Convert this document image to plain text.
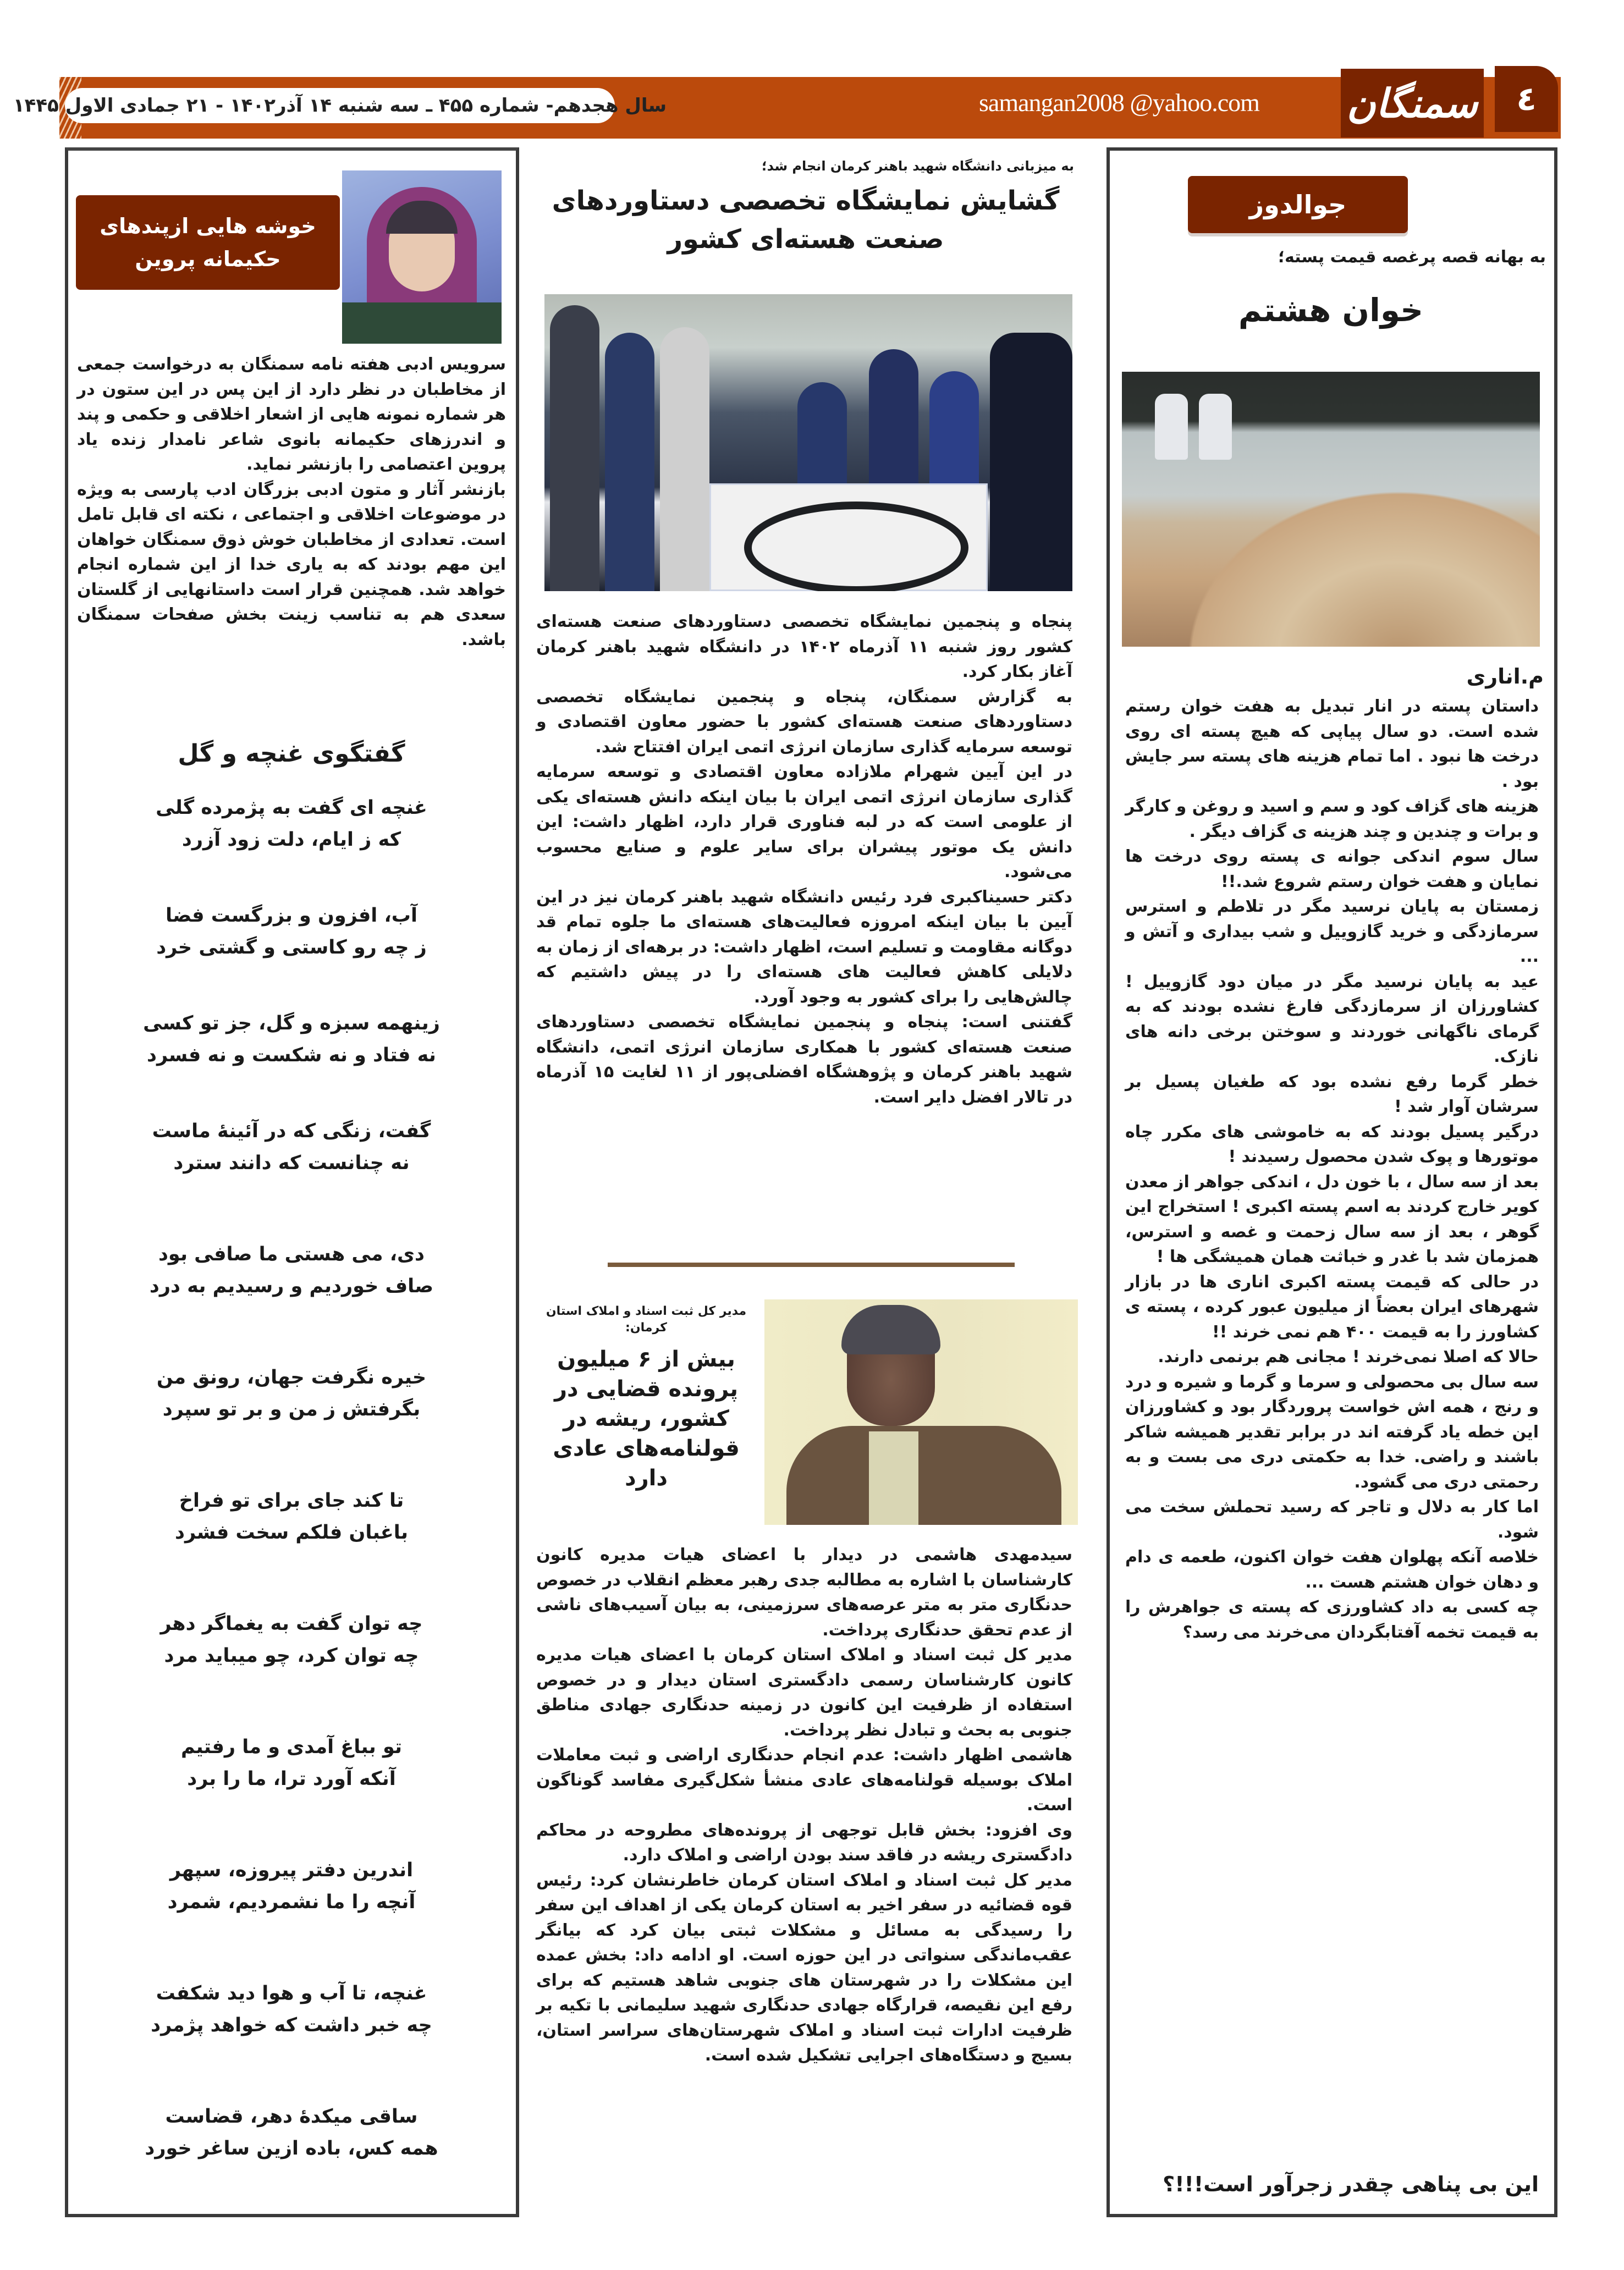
سال هجدهم- شماره ۴۵۵ ـ سه شنبه ۱۴ آذر۱۴۰۲ - ۲۱ جمادی الاول ۱۴۴۵	samangan2008 @yahoo.com سمنگان	٤
جوالدوز
به بهانه قصه پرغصه قیمت پسته؛
خوان هشتم
م.اناری

داستان پسته در انار تبدیل به هفت خوان رستم شده است. دو سال پیاپی که هیچ پسته ای روی درخت ها نبود . اما تمام هزینه های پسته سر جایش بود .

هزینه های گزاف کود و سم و اسید و روغن و کارگر و برات و چندین و چند هزینه ی گزاف دیگر .

سال سوم اندکی جوانه ی پسته روی درخت ها نمایان و هفت خوان رستم شروع شد.!!

زمستان به پایان نرسید مگر در تلاطم و استرس سرمازدگی و خرید گازوییل و شب بیداری و آتش و ...

عید به پایان نرسید مگر در میان دود گازوییل ! کشاورزان از سرمازدگی فارغ نشده بودند که به گرمای ناگهانی خوردند و سوختن برخی دانه های نازک.

خطر گرما رفع نشده بود که طغیان پسیل بر سرشان آوار شد !

درگیر پسیل بودند که به خاموشی های مکرر چاه موتورها و پوک شدن محصول رسیدند !

بعد از سه سال ، با خون دل ، اندکی جواهر از معدن کویر خارج کردند به اسم پسته اکبری ! استخراج این گوهر ، بعد از سه سال زحمت و غصه و استرس، همزمان شد با غدر و خباثت همان همیشگی ها !

در حالی که قیمت پسته اکبری اناری ها در بازار شهرهای ایران بعضاً از میلیون عبور کرده ، پسته ی کشاورز را به قیمت ۴۰۰ هم نمی خرند !!

حالا که اصلا نمی‌خرند ! مجانی هم برنمی دارند.

سه سال بی محصولی و سرما و گرما و شیره و درد و رنج ، همه اش خواست پروردگار بود و کشاورزان این خطه یاد گرفته اند در برابر تقدیر همیشه شاکر باشند و راضی. خدا به حکمتی دری می بست و به رحمتی دری می گشود.

اما کار به دلال و تاجر که رسید تحملش سخت می شود.

خلاصه آنکه پهلوان هفت خوان اکنون، طعمه ی دام و دهان خوان هشتم هست ...

چه کسی به داد کشاورزی که پسته ی جواهرش را به قیمت تخمه آفتابگردان می‌خرند می رسد؟

این بی پناهی چقدر زجرآور است!!!؟
به میزبانی دانشگاه شهید باهنر کرمان انجام شد؛
گشایش نمایشگاه تخصصی دستاوردهای صنعت هسته‌ای کشور

پنجاه و پنجمین نمایشگاه تخصصی دستاوردهای صنعت هسته‌ای کشور روز شنبه ۱۱ آذرماه ۱۴۰۲ در دانشگاه شهید باهنر کرمان آغاز بکار کرد.

به گزارش سمنگان، پنجاه و پنجمین نمایشگاه تخصصی دستاوردهای صنعت هسته‌ای کشور با حضور معاون اقتصادی و توسعه سرمایه گذاری سازمان انرژی اتمی ایران افتتاح شد.

در این آیین شهرام ملازاده معاون اقتصادی و توسعه سرمایه گذاری سازمان انرژی اتمی ایران با بیان اینکه دانش هسته‌ای یکی از علومی است که در لبه فناوری قرار دارد، اظهار داشت: این دانش یک موتور پیشران برای سایر علوم و صنایع محسوب می‌شود.

دکتر حسیناکبری فرد رئیس دانشگاه شهید باهنر کرمان نیز در این آیین با بیان اینکه امروزه فعالیت‌های هسته‌ای ما جلوه تمام قد دوگانه مقاومت و تسلیم است، اظهار داشت: در برهه‌ای از زمان به دلایلی کاهش فعالیت های هسته‌ای را در پیش داشتیم که چالش‌هایی را برای کشور به وجود آورد.

گفتنی است: پنجاه و پنجمین نمایشگاه تخصصی دستاوردهای صنعت هسته‌ای کشور با همکاری سازمان انرژی اتمی، دانشگاه شهید باهنر کرمان و پژوهشگاه افضلی‌پور از ۱۱ لغایت ۱۵ آذرماه در تالار افضل دایر است.

مدیر کل ثبت اسناد و املاک استان کرمان:
بیش از ۶ میلیون پرونده قضایی در کشور، ریشه در قولنامه‌های عادی دارد

سیدمهدی هاشمی در دیدار با اعضای هیات مدیره کانون کارشناسان با اشاره به مطالبه جدی رهبر معظم انقلاب در خصوص حدنگاری متر به متر عرصه‌های سرزمینی، به بیان آسیب‌های ناشی از عدم تحقق حدنگاری پرداخت.

مدیر کل ثبت اسناد و املاک استان کرمان با اعضای هیات مدیره کانون کارشناسان رسمی دادگستری استان دیدار و در خصوص استفاده از ظرفیت این کانون در زمینه حدنگاری جهادی مناطق جنوبی به بحث و تبادل نظر پرداخت.

هاشمی اظهار داشت: عدم انجام حدنگاری اراضی و ثبت معاملات املاک بوسیله قولنامه‌های عادی منشأ شکل‌گیری مفاسد گوناگون است.

وی افزود: بخش قابل توجهی از پرونده‌های مطروحه در محاکم دادگستری ریشه در فاقد سند بودن اراضی و املاک دارد.

مدیر کل ثبت اسناد و املاک استان کرمان خاطرنشان کرد: رئیس قوه قضائیه در سفر اخیر به استان کرمان یکی از اهداف این سفر را رسیدگی به مسائل و مشکلات ثبتی بیان کرد که بیانگر عقب‌ماندگی سنواتی در این حوزه است. او ادامه داد: بخش عمده این مشکلات را در شهرستان های جنوبی شاهد هستیم که برای رفع این نقیصه، قرارگاه جهادی حدنگاری شهید سلیمانی با تکیه بر ظرفیت ادارات ثبت اسناد و املاک شهرستان‌های سراسر استان، بسیج و دستگاه‌های اجرایی تشکیل شده است.

خوشه هایی ازپندهای
حکیمانه پروین

سرویس ادبی هفته نامه سمنگان به درخواست جمعی از مخاطبان در نظر دارد از این پس در این ستون در هر شماره نمونه هایی از اشعار اخلاقی و حکمی و پند و اندرزهای حکیمانه بانوی شاعر نامدار زنده یاد پروین اعتصامی را بازنشر نماید.

بازنشر آثار و متون ادبی بزرگان ادب پارسی به ویژه در موضوعات اخلاقی و اجتماعی ، نکته ای قابل تامل است. تعدادی از مخاطبان خوش ذوق سمنگان خواهان این مهم بودند که به یاری خدا از این شماره انجام خواهد شد. همچنین قرار است داستانهایی از گلستان سعدی هم به تناسب زینت بخش صفحات سمنگان باشد.

گفتگوی غنچه و گل
غنچه ای گفت به پژمرده گلی
که ز ایام، دلت زود آزرد
آب، افزون و بزرگست فضا
ز چه رو کاستی و گشتی خرد
زینهمه سبزه و گل، جز تو کسی
نه فتاد و نه شکست و نه فسرد
گفت، زنگی که در آئینهٔ ماست
نه چنانست که دانند سترد
دی، می هستی ما صافی بود
صاف خوردیم و رسیدیم به درد
خیره نگرفت جهان، رونق من
بگرفتش ز من و بر تو سپرد
تا کند جای برای تو فراخ
باغبان فلکم سخت فشرد
چه توان گفت به یغماگر دهر
چه توان کرد، چو میباید مرد
تو بباغ آمدی و ما رفتیم
آنکه آورد ترا، ما را برد
اندرین دفتر پیروزه، سپهر
آنچه را ما نشمردیم، شمرد
غنچه، تا آب و هوا دید شکفت
چه خبر داشت که خواهد پژمرد
ساقی میکدهٔ دهر، قضاست
همه کس، باده ازین ساغر خورد
